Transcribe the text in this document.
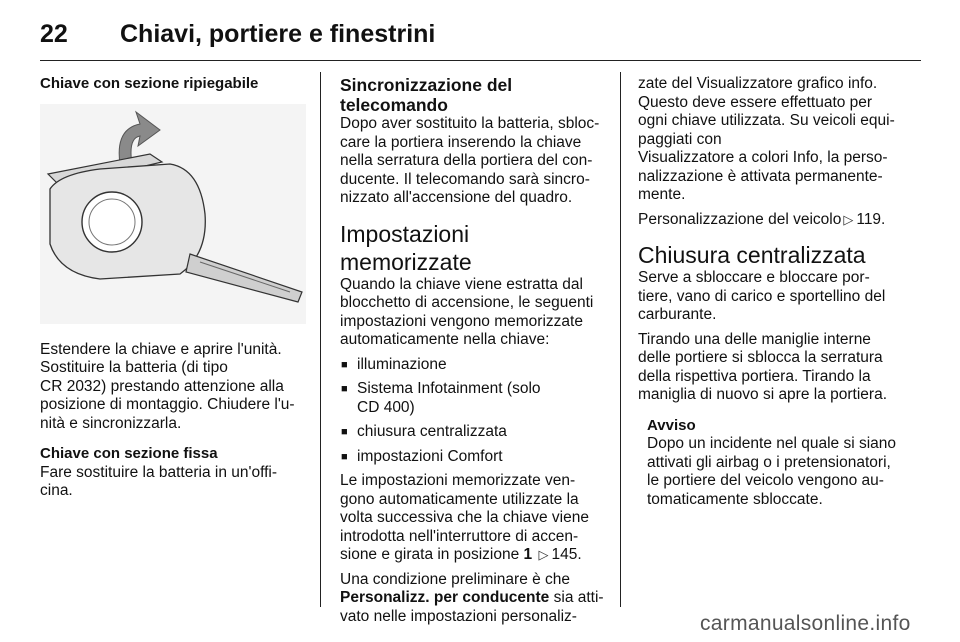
22 Chiavi, portiere e finestrini

Chiave con sezione ripiegabile

Estendere la chiave e aprire l'unità.

Sostituire la batteria (di tipo

CR 2032) prestando attenzione alla

posizione di montaggio. Chiudere l'u-

nità e sincronizzarla.

Chiave con sezione fissa

Fare sostituire la batteria in un'offi-

cina.

Sincronizzazione del
telecomando

Dopo aver sostituito la batteria, sbloc-

care la portiera inserendo la chiave

nella serratura della portiera del con-

ducente. Il telecomando sarà sincro-

nizzato all'accensione del quadro.

Impostazioni memorizzate

Quando la chiave viene estratta dal

blocchetto di accensione, le seguenti

impostazioni vengono memorizzate

automaticamente nella chiave:

■ illuminazione

■ Sistema Infotainment (solo
CD 400)

■ chiusura centralizzata

■ impostazioni Comfort

Le impostazioni memorizzate ven-

gono automaticamente utilizzate la

volta successiva che la chiave viene

introdotta nell'interruttore di accen-

sione e girata in posizione 1 ▷ 145.

Una condizione preliminare è che

Personalizz. per conducente sia atti-

vato nelle impostazioni personaliz-

zate del Visualizzatore grafico info.

Questo deve essere effettuato per

ogni chiave utilizzata. Su veicoli equi-

paggiati con

Visualizzatore a colori Info, la perso-

nalizzazione è attivata permanente-

mente.

Personalizzazione del veicolo ▷ 119.

Chiusura centralizzata

Serve a sbloccare e bloccare por-

tiere, vano di carico e sportellino del

carburante.

Tirando una delle maniglie interne

delle portiere si sblocca la serratura

della rispettiva portiera. Tirando la

maniglia di nuovo si apre la portiera.

Avviso

Dopo un incidente nel quale si siano

attivati gli airbag o i pretensionatori,

le portiere del veicolo vengono au-

tomaticamente sbloccate.

carmanualsonline.info
